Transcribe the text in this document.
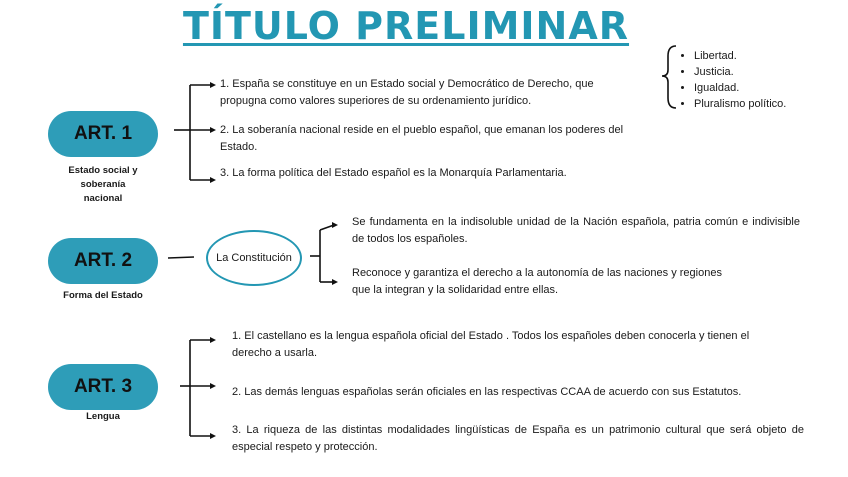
TÍTULO PRELIMINAR
• Libertad.
• Justicia.
• Igualdad.
• Pluralismo político.
ART. 1
Estado social y
soberanía
nacional
1. España se constituye en un Estado social y Democrático de Derecho, que
propugna como valores superiores de su ordenamiento jurídico.
2. La soberanía nacional reside en el pueblo español, que emanan los poderes del
Estado.
3. La forma política del Estado español es la Monarquía Parlamentaria.
ART. 2
Forma del Estado
La Constitución
Se fundamenta en la indisoluble unidad de la Nación española, patria común e indivisible de todos los españoles.
Reconoce y garantiza el derecho a la autonomía de las naciones y regiones
que la integran y la solidaridad entre ellas.
ART. 3
Lengua
1. El castellano es la lengua española oficial del Estado . Todos los españoles deben conocerla y tienen el
derecho a usarla.
2. Las demás lenguas españolas serán oficiales en las respectivas CCAA de acuerdo con sus Estatutos.
3. La riqueza de las distintas modalidades lingüísticas de España es un patrimonio cultural que será objeto de especial respeto y protección.
